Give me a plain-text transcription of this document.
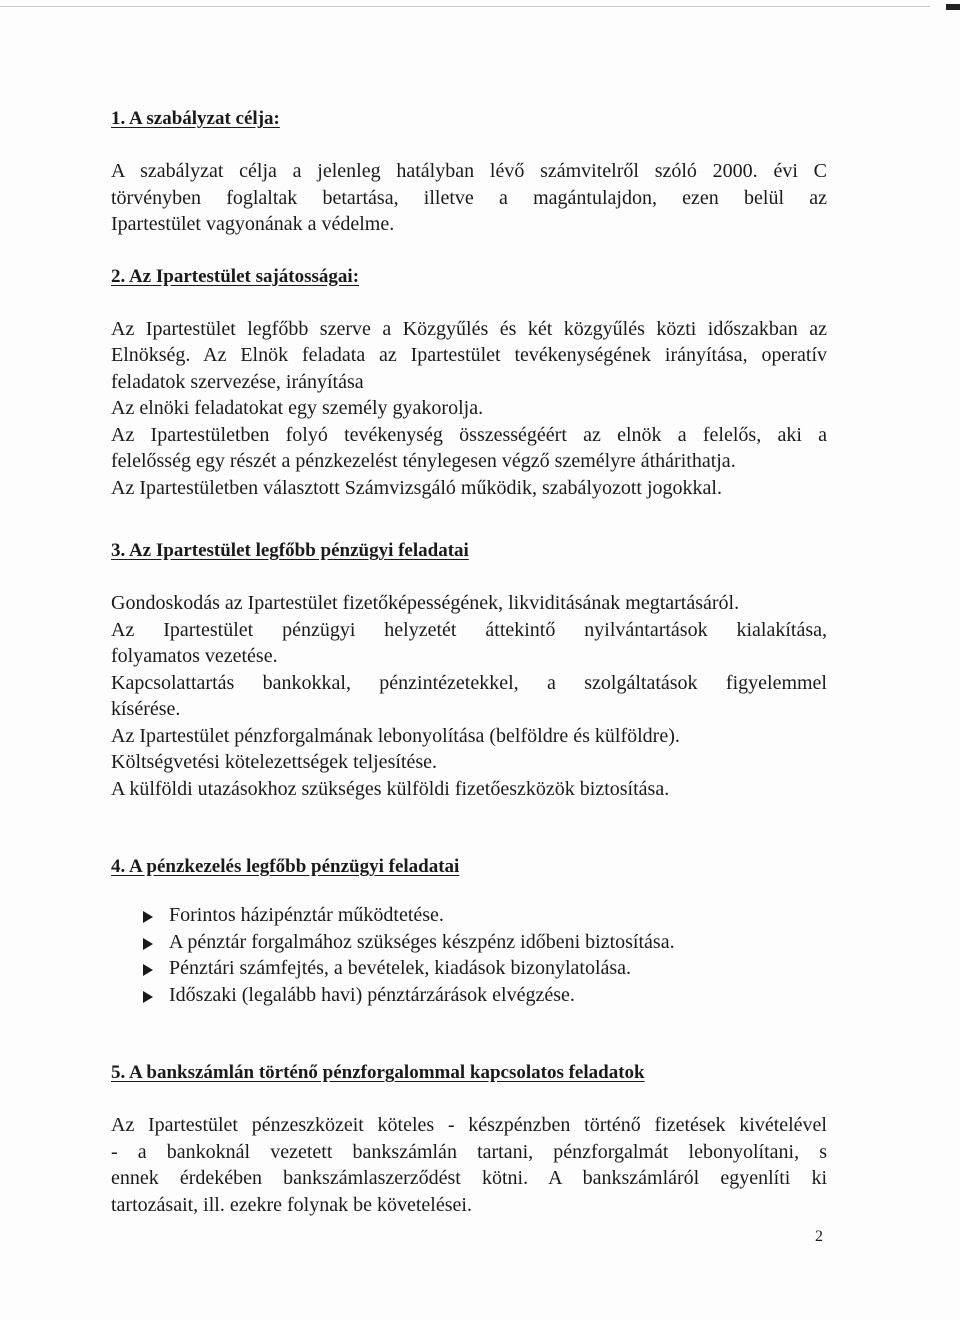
1. A szabályzat célja:

A szabályzat célja a jelenleg hatályban lévő számvitelről szóló 2000. évi C

törvényben foglaltak betartása, illetve a magántulajdon, ezen belül az

Ipartestület vagyonának a védelme.

2. Az Ipartestület sajátosságai:

Az Ipartestület legfőbb szerve a Közgyűlés és két közgyűlés közti időszakban az

Elnökség. Az Elnök feladata az Ipartestület tevékenységének irányítása, operatív

feladatok szervezése, irányítása

Az elnöki feladatokat egy személy gyakorolja.

Az Ipartestületben folyó tevékenység összességéért az elnök a felelős, aki a

felelősség egy részét a pénzkezelést ténylegesen végző személyre áthárithatja.

Az Ipartestületben választott Számvizsgáló működik, szabályozott jogokkal.

3. Az Ipartestület legfőbb pénzügyi feladatai

Gondoskodás az Ipartestület fizetőképességének, likviditásának megtartásáról.

Az Ipartestület pénzügyi helyzetét áttekintő nyilvántartások kialakítása,

folyamatos vezetése.

Kapcsolattartás bankokkal, pénzintézetekkel, a szolgáltatások figyelemmel

kísérése.

Az Ipartestület pénzforgalmának lebonyolítása (belföldre és külföldre).

Költségvetési kötelezettségek teljesítése.

A külföldi utazásokhoz szükséges külföldi fizetőeszközök biztosítása.

4. A pénzkezelés legfőbb pénzügyi feladatai
Forintos házipénztár működtetése.
A pénztár forgalmához szükséges készpénz időbeni biztosítása.
Pénztári számfejtés, a bevételek, kiadások bizonylatolása.
Időszaki (legalább havi) pénztárzárások elvégzése.
5. A bankszámlán történő pénzforgalommal kapcsolatos feladatok

Az Ipartestület pénzeszközeit köteles - készpénzben történő fizetések kivételével

- a bankoknál vezetett bankszámlán tartani, pénzforgalmát lebonyolítani, s

ennek érdekében bankszámlaszerződést kötni. A bankszámláról egyenlíti ki

tartozásait, ill. ezekre folynak be követelései.

2
